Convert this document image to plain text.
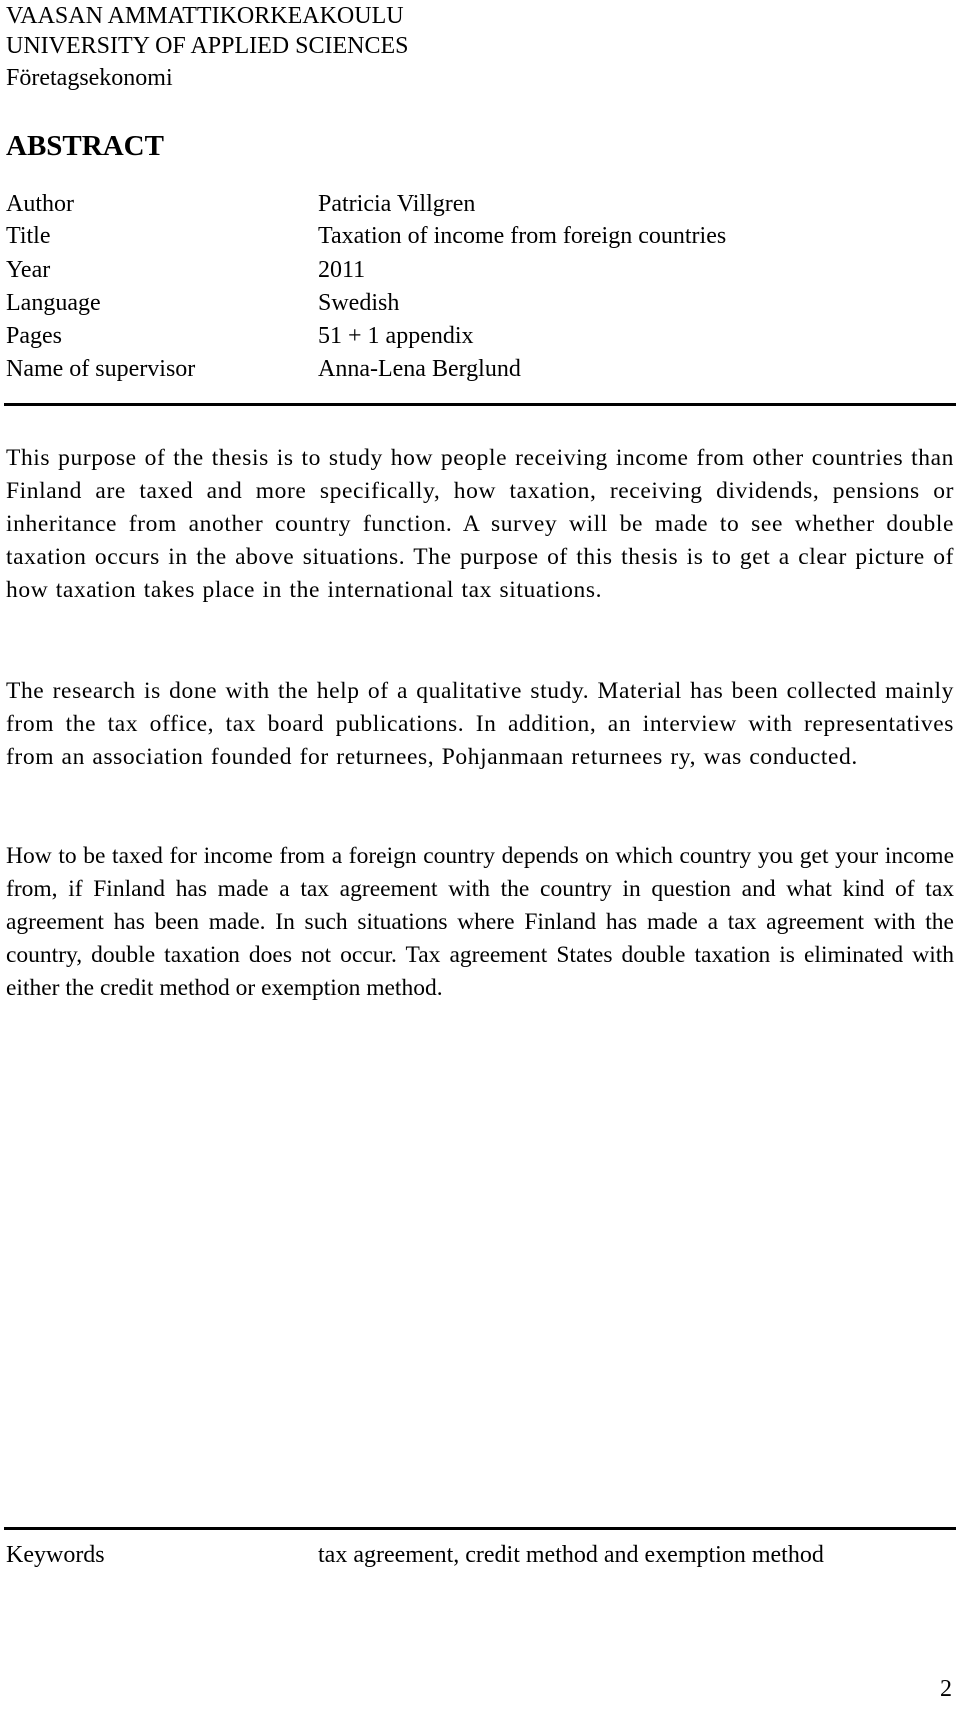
VAASAN AMMATTIKORKEAKOULU
UNIVERSITY OF APPLIED SCIENCES
Företagsekonomi
ABSTRACT
Author	Patricia Villgren
Title	Taxation of income from foreign countries
Year	2011
Language	Swedish
Pages	51 + 1 appendix
Name of supervisor	Anna-Lena Berglund

This purpose of the thesis is to study how people receiving income from other countries than Finland are taxed and more specifically, how taxation, receiving dividends, pensions or inheritance from another country function. A survey will be made to see whether double taxation occurs in the above situations. The purpose of this thesis is to get a clear picture of how taxation takes place in the international tax situations.

The research is done with the help of a qualitative study. Material has been collected mainly from the tax office, tax board publications. In addition, an interview with representatives from an association founded for returnees, Pohjanmaan returnees ry, was conducted.

How to be taxed for income from a foreign country depends on which country you get your income from, if Finland has made a tax agreement with the country in question and what kind of tax agreement has been made. In such situations where Finland has made a tax agreement with the country, double taxation does not occur. Tax agreement States double taxation is eliminated with either the credit method or exemption method.

Keywords	tax agreement, credit method and exemption method
2
